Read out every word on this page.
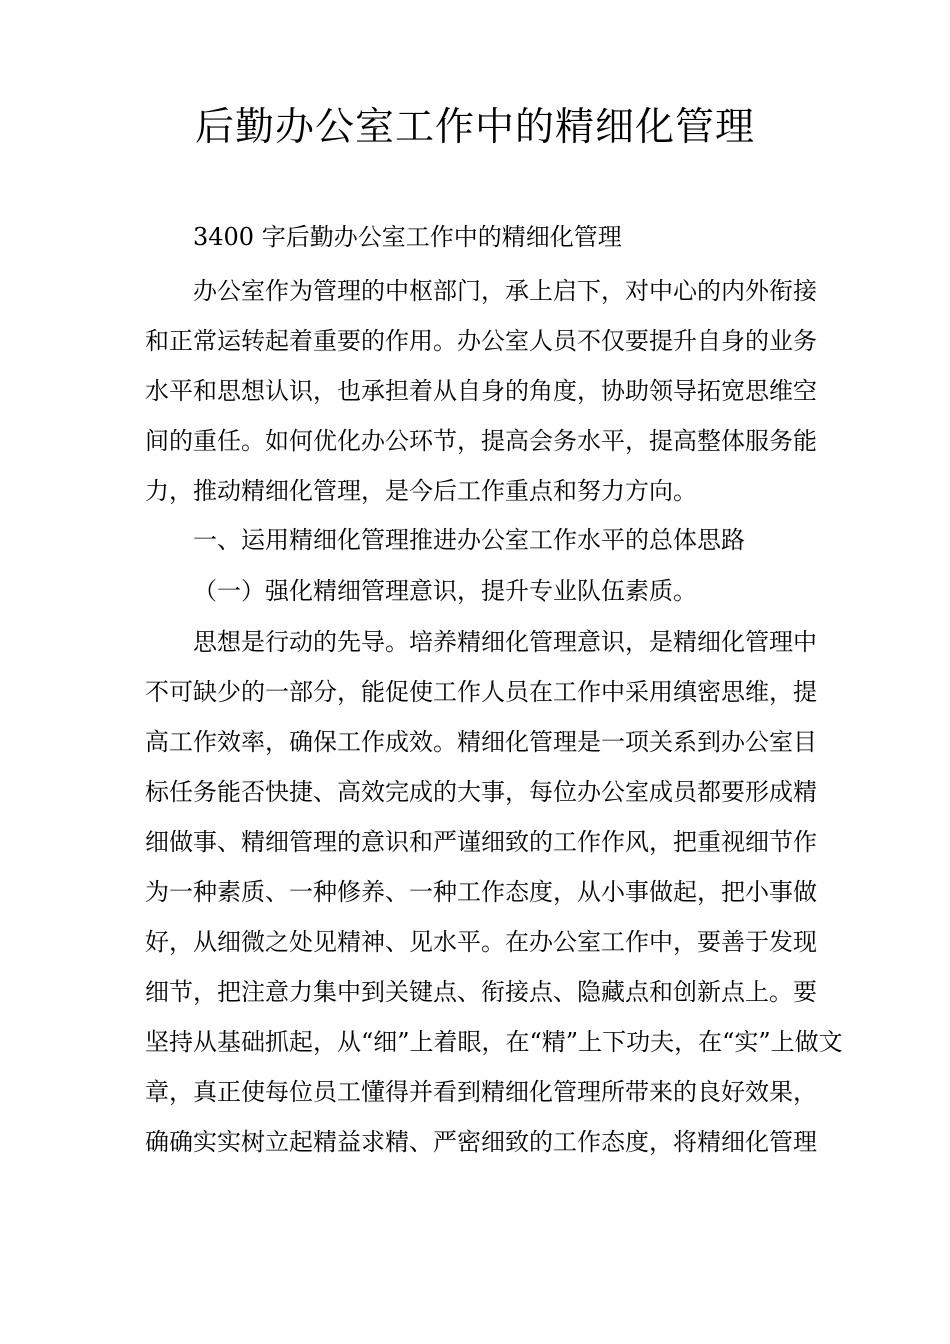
后勤办公室工作中的精细化管理

3400 字后勤办公室工作中的精细化管理

办公室作为管理的中枢部门，承上启下，对中心的内外衔接
和正常运转起着重要的作用。办公室人员不仅要提升自身的业务
水平和思想认识，也承担着从自身的角度，协助领导拓宽思维空
间的重任。如何优化办公环节，提高会务水平，提高整体服务能
力，推动精细化管理，是今后工作重点和努力方向。

一、运用精细化管理推进办公室工作水平的总体思路

（一）强化精细管理意识，提升专业队伍素质。

思想是行动的先导。培养精细化管理意识，是精细化管理中
不可缺少的一部分，能促使工作人员在工作中采用缜密思维，提
高工作效率，确保工作成效。精细化管理是一项关系到办公室目
标任务能否快捷、高效完成的大事，每位办公室成员都要形成精
细做事、精细管理的意识和严谨细致的工作作风，把重视细节作
为一种素质、一种修养、一种工作态度，从小事做起，把小事做
好，从细微之处见精神、见水平。在办公室工作中，要善于发现
细节，把注意力集中到关键点、衔接点、隐藏点和创新点上。要
坚持从基础抓起，从“细”上着眼，在“精”上下功夫，在“实”上做文
章，真正使每位员工懂得并看到精细化管理所带来的良好效果，
确确实实树立起精益求精、严密细致的工作态度，将精细化管理
